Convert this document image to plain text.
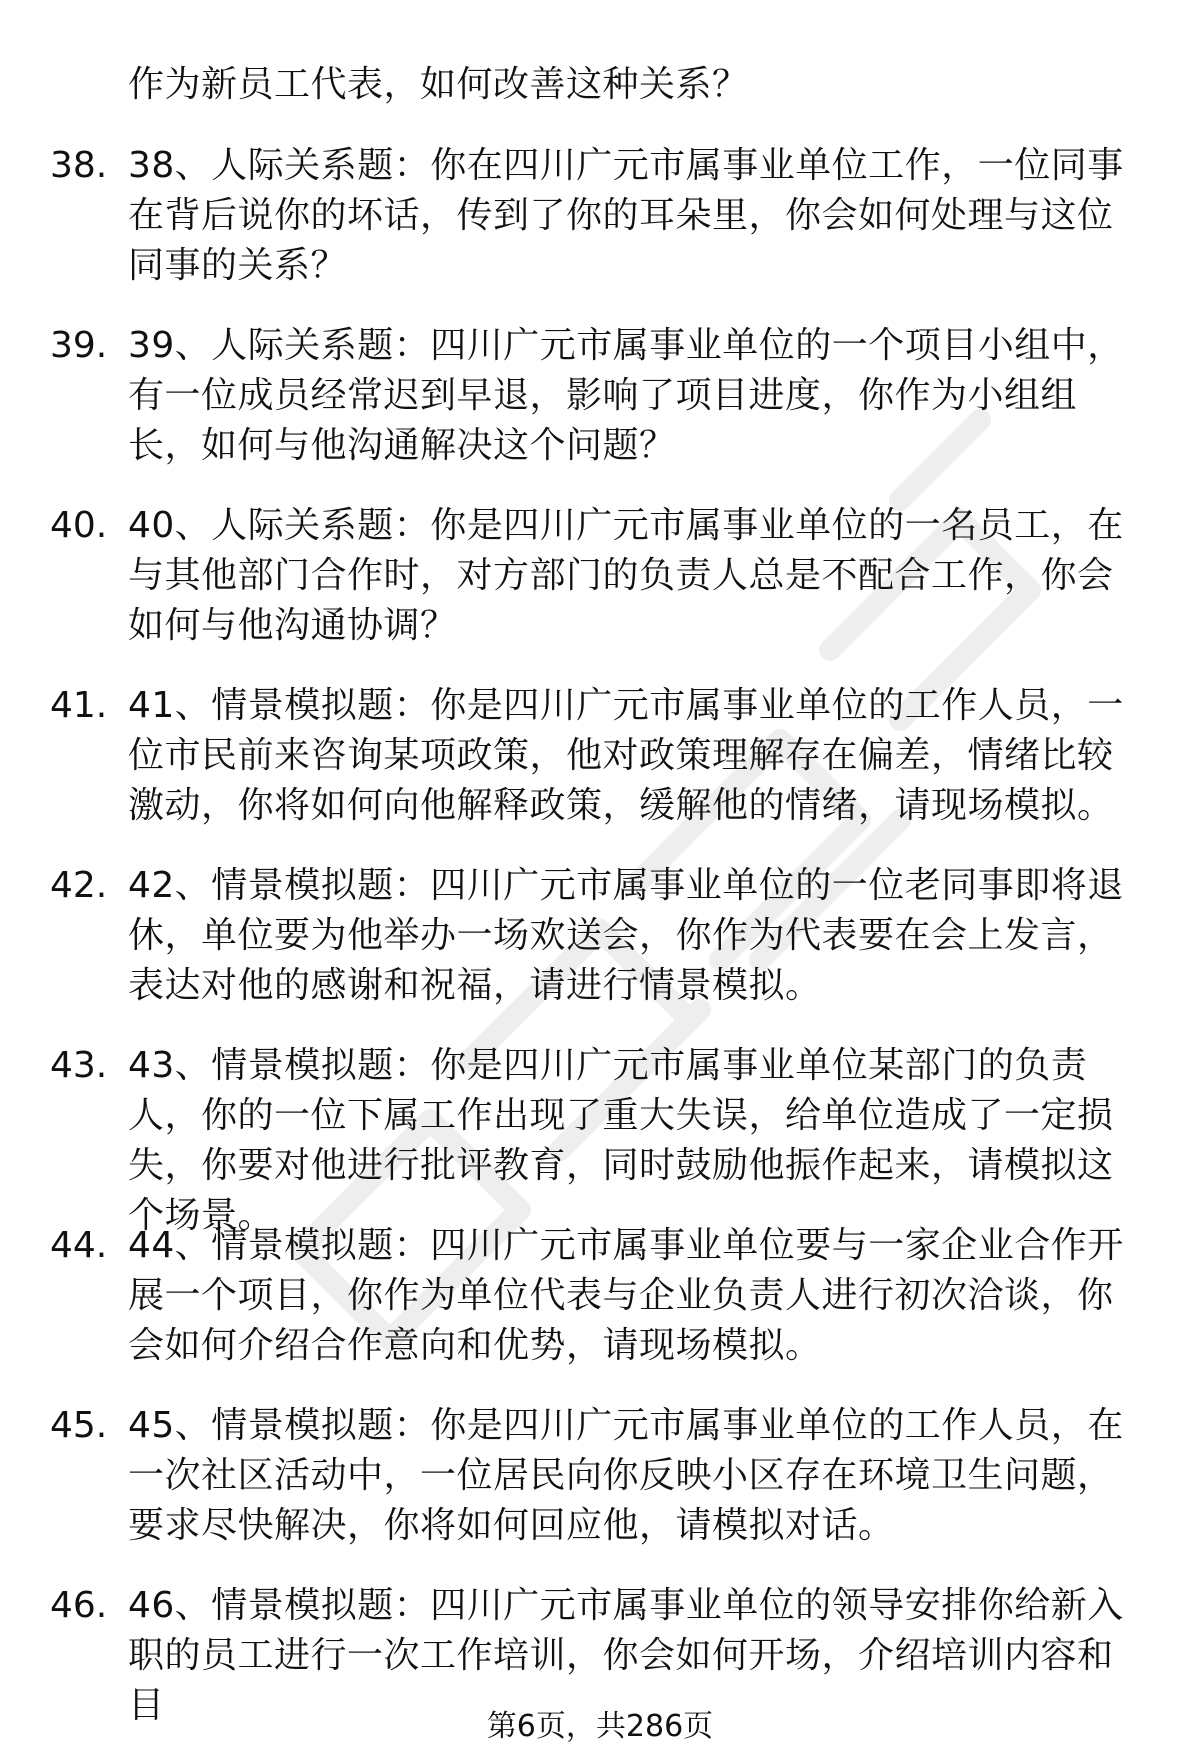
作为新员工代表，如何改善这种关系？
38. 38、人际关系题：你在四川广元市属事业单位工作，一位同事在背后说你的坏话，传到了你的耳朵里，你会如何处理与这位同事的关系？
39. 39、人际关系题：四川广元市属事业单位的一个项目小组中，有一位成员经常迟到早退，影响了项目进度，你作为小组组长，如何与他沟通解决这个问题？
40. 40、人际关系题：你是四川广元市属事业单位的一名员工，在与其他部门合作时，对方部门的负责人总是不配合工作，你会如何与他沟通协调？
41. 41、情景模拟题：你是四川广元市属事业单位的工作人员，一位市民前来咨询某项政策，他对政策理解存在偏差，情绪比较激动，你将如何向他解释政策，缓解他的情绪，请现场模拟。
42. 42、情景模拟题：四川广元市属事业单位的一位老同事即将退休，单位要为他举办一场欢送会，你作为代表要在会上发言，表达对他的感谢和祝福，请进行情景模拟。
43. 43、情景模拟题：你是四川广元市属事业单位某部门的负责人，你的一位下属工作出现了重大失误，给单位造成了一定损失，你要对他进行批评教育，同时鼓励他振作起来，请模拟这个场景。
44. 44、情景模拟题：四川广元市属事业单位要与一家企业合作开展一个项目，你作为单位代表与企业负责人进行初次洽谈，你会如何介绍合作意向和优势，请现场模拟。
45. 45、情景模拟题：你是四川广元市属事业单位的工作人员，在一次社区活动中，一位居民向你反映小区存在环境卫生问题，要求尽快解决，你将如何回应他，请模拟对话。
46. 46、情景模拟题：四川广元市属事业单位的领导安排你给新入职的员工进行一次工作培训，你会如何开场，介绍培训内容和目
第6页，共286页
